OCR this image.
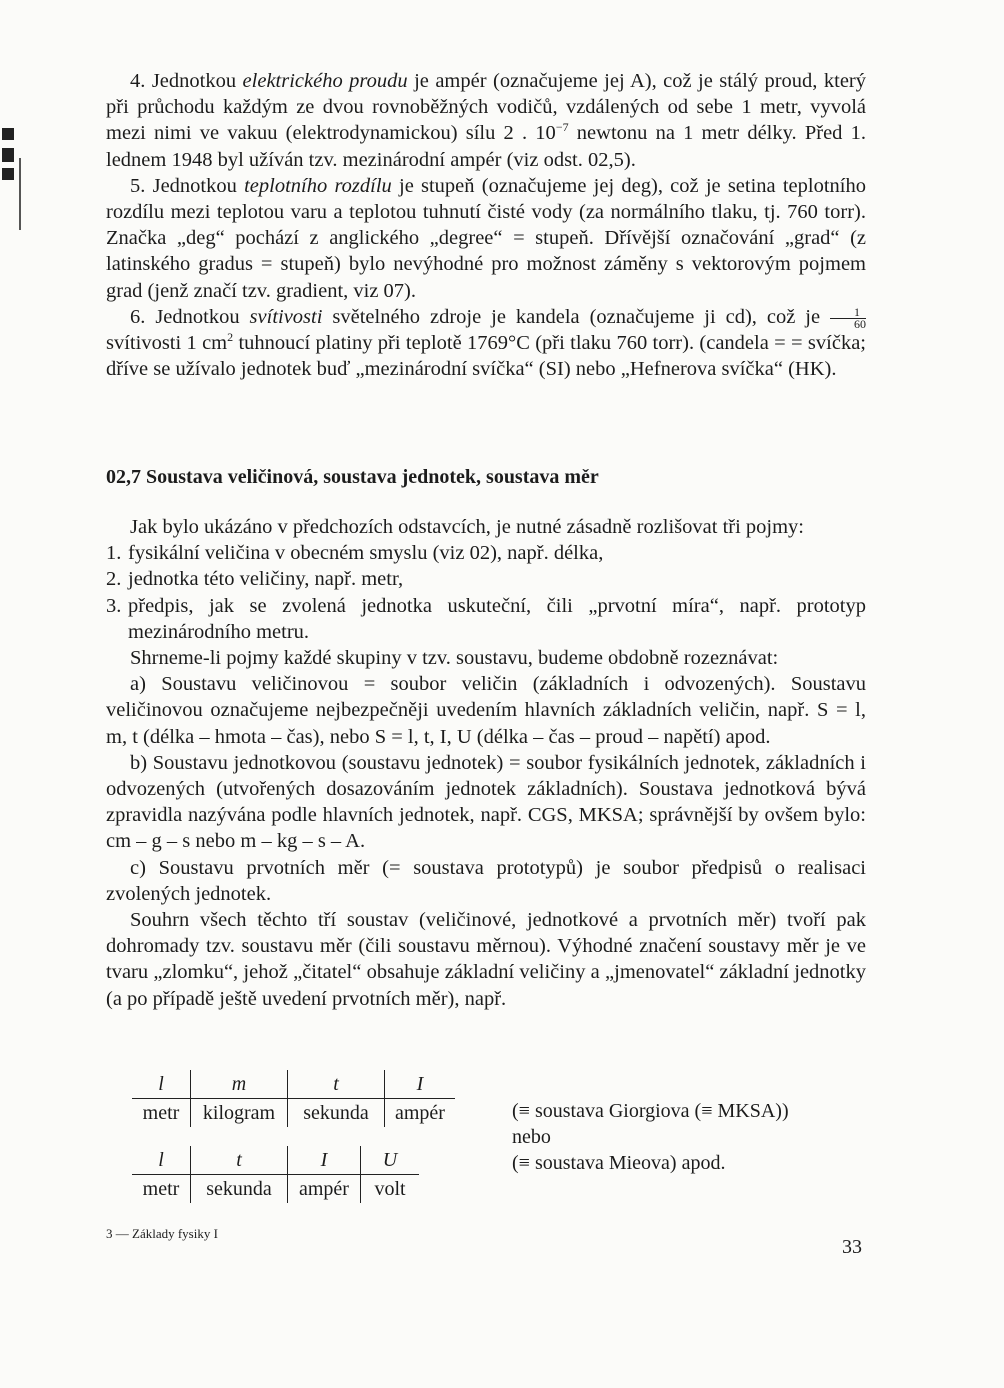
4. Jednotkou elektrického proudu je ampér (označujeme jej A), což je stálý proud, který při průchodu každým ze dvou rovnoběžných vodičů, vzdálených od sebe 1 metr, vyvolá mezi nimi ve vakuu (elektrodynamickou) sílu 2 . $10^{-7}$ newtonu na 1 metr délky. Před 1. lednem 1948 byl užíván tzv. mezinárodní ampér (viz odst. 02,5).

5. Jednotkou teplotního rozdílu je stupeň (označujeme jej deg), což je setina teplotního rozdílu mezi teplotou varu a teplotou tuhnutí čisté vody (za normálního tlaku, tj. 760 torr). Značka „deg“ pochází z anglického „degree“ = stupeň. Dřívější označování „grad“ (z latinského gradus = stupeň) bylo nevýhodné pro možnost záměny s vektorovým pojmem grad (jenž značí tzv. gradient, viz 07).

6. Jednotkou svítivosti světelného zdroje je kandela (označujeme ji cd), což je $\frac{1}{60}$
svítivosti 1 $cm^2$ tuhnoucí platiny při teplotě 1769°C (při tlaku 760 torr). (candela = = svíčka; dříve se užívalo jednotek buď „mezinárodní svíčka“ (SI) nebo „Hefnerova svíčka“ (HK).

02,7 Soustava veličinová, soustava jednotek, soustava měr

Jak bylo ukázáno v předchozích odstavcích, je nutné zásadně rozlišovat tři pojmy:

1. fysikální veličina v obecném smyslu (viz 02), např. délka,
2. jednotka této veličiny, např. metr,
3. předpis, jak se zvolená jednotka uskuteční, čili „prvotní míra“, např. prototyp mezinárodního metru.

Shrneme-li pojmy každé skupiny v tzv. soustavu, budeme obdobně rozeznávat:

a) Soustavu veličinovou = soubor veličin (základních i odvozených). Soustavu veličinovou označujeme nejbezpečněji uvedením hlavních základních veličin, např. S = l, m, t (délka – hmota – čas), nebo S = l, t, I, U (délka – čas – proud – napětí) apod.

b) Soustavu jednotkovou (soustavu jednotek) = soubor fysikálních jednotek, základních i odvozených (utvořených dosazováním jednotek základních). Soustava jednotková bývá zpravidla nazývána podle hlavních jednotek, např. CGS, MKSA; správnější by ovšem bylo: cm – g – s nebo m – kg – s – A.

c) Soustavu prvotních měr (= soustava prototypů) je soubor předpisů o realisaci zvolených jednotek.

Souhrn všech těchto tří soustav (veličinové, jednotkové a prvotních měr) tvoří pak dohromady tzv. soustavu měr (čili soustavu měrnou). Výhodné značení soustavy měr je ve tvaru „zlomku“, jehož „čitatel“ obsahuje základní veličiny a „jmenovatel“ základní jednotky (a po případě ještě uvedení prvotních měr), např.

l	m	t	I
metr	kilogram	sekunda	ampér
l	t	I	U
metr	sekunda	ampér	volt
(≡ soustava Giorgiova (≡ MKSA))
nebo
(≡ soustava Mieova) apod.
3 — Základy fysiky I
33
